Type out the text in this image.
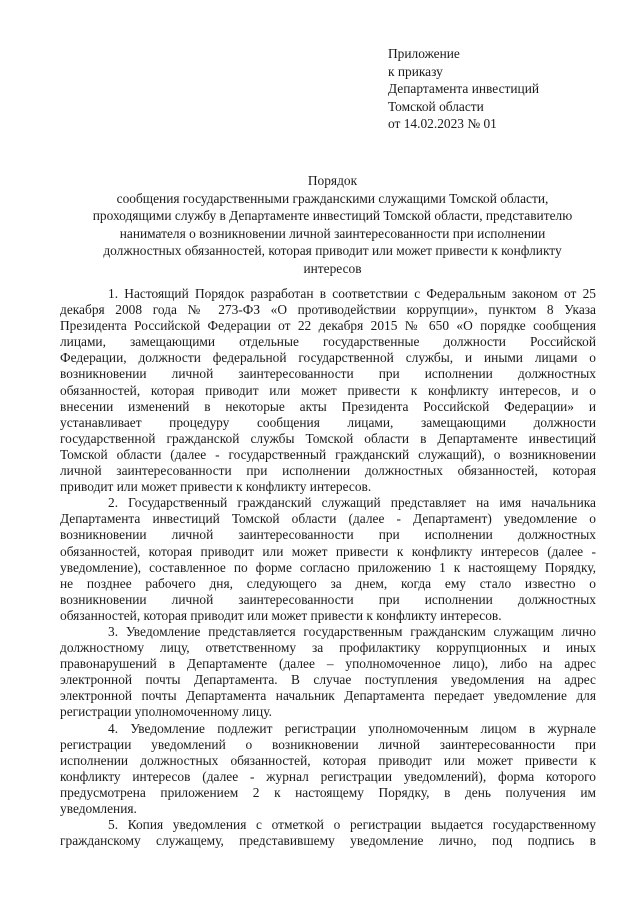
Приложение
к приказу
Департамента инвестиций
Томской области
от 14.02.2023 № 01
Порядок
сообщения государственными гражданскими служащими Томской области,
проходящими службу в Департаменте инвестиций Томской области, представителю
нанимателя о возникновении личной заинтересованности при исполнении
должностных обязанностей, которая приводит или может привести к конфликту
интересов
1. Настоящий Порядок разработан в соответствии с Федеральным законом от 25
декабря 2008 года № 273-ФЗ «О противодействии коррупции», пунктом 8 Указа
Президента Российской Федерации от 22 декабря 2015 № 650 «О порядке сообщения
лицами, замещающими отдельные государственные должности Российской
Федерации, должности федеральной государственной службы, и иными лицами о
возникновении личной заинтересованности при исполнении должностных
обязанностей, которая приводит или может привести к конфликту интересов, и о
внесении изменений в некоторые акты Президента Российской Федерации» и
устанавливает процедуру сообщения лицами, замещающими должности
государственной гражданской службы Томской области в Департаменте инвестиций
Томской области (далее - государственный гражданский служащий), о возникновении
личной заинтересованности при исполнении должностных обязанностей, которая
приводит или может привести к конфликту интересов.
2. Государственный гражданский служащий представляет на имя начальника
Департамента инвестиций Томской области (далее - Департамент) уведомление о
возникновении личной заинтересованности при исполнении должностных
обязанностей, которая приводит или может привести к конфликту интересов (далее -
уведомление), составленное по форме согласно приложению 1 к настоящему Порядку,
не позднее рабочего дня, следующего за днем, когда ему стало известно о
возникновении личной заинтересованности при исполнении должностных
обязанностей, которая приводит или может привести к конфликту интересов.
3. Уведомление представляется государственным гражданским служащим лично
должностному лицу, ответственному за профилактику коррупционных и иных
правонарушений в Департаменте (далее – уполномоченное лицо), либо на адрес
электронной почты Департамента. В случае поступления уведомления на адрес
электронной почты Департамента начальник Департамента передает уведомление для
регистрации уполномоченному лицу.
4. Уведомление подлежит регистрации уполномоченным лицом в журнале
регистрации уведомлений о возникновении личной заинтересованности при
исполнении должностных обязанностей, которая приводит или может привести к
конфликту интересов (далее - журнал регистрации уведомлений), форма которого
предусмотрена приложением 2 к настоящему Порядку, в день получения им
уведомления.
5. Копия уведомления с отметкой о регистрации выдается государственному
гражданскому служащему, представившему уведомление лично, под подпись в
